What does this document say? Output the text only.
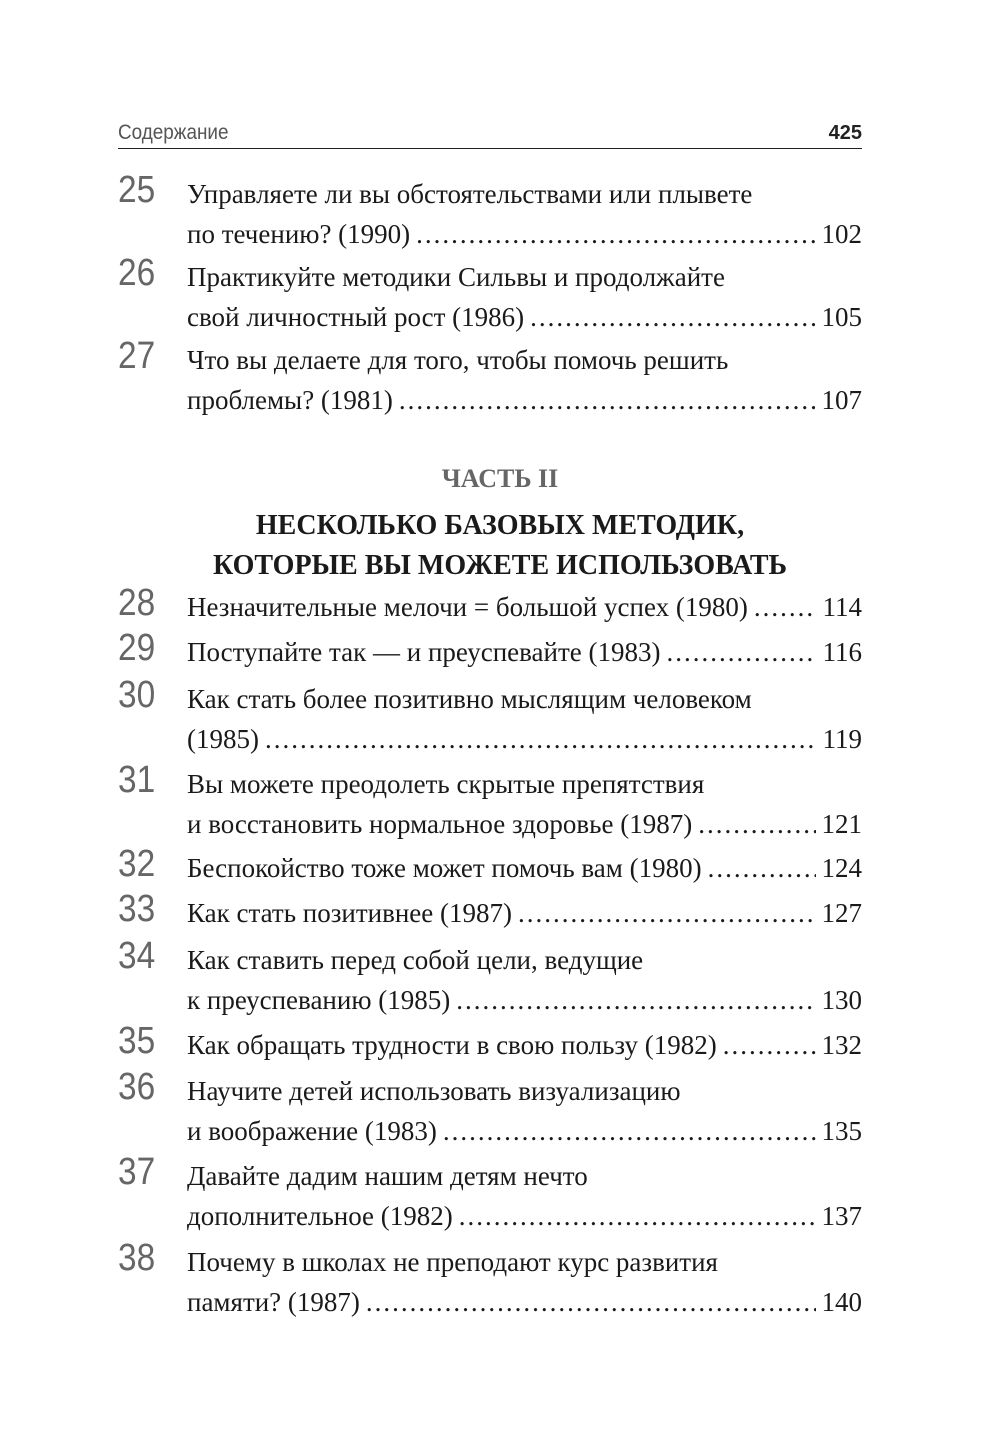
Содержание	425
ЧАСТЬ II
НЕСКОЛЬКО БАЗОВЫХ МЕТОДИК,
КОТОРЫЕ ВЫ МОЖЕТЕ ИСПОЛЬЗОВАТЬ
25 Управляете ли вы обстоятельствами или плывете
по течению? (1990) .....	102
26 Практикуйте методики Сильвы и продолжайте
свой личностный рост (1986) .....	105
27 Что вы делаете для того, чтобы помочь решить
проблемы? (1981) .....	107
28 Незначительные мелочи = большой успех (1980) .....	114
29 Поступайте так — и преуспевайте (1983) .....	116
30 Как стать более позитивно мыслящим человеком
(1985) .....	119
31 Вы можете преодолеть скрытые препятствия
и восстановить нормальное здоровье (1987) .....	121
32 Беспокойство тоже может помочь вам (1980) .....	124
33 Как стать позитивнее (1987) .....	127
34 Как ставить перед собой цели, ведущие
к преуспеванию (1985) .....	130
35 Как обращать трудности в свою пользу (1982) .....	132
36 Научите детей использовать визуализацию
и воображение (1983) .....	135
37 Давайте дадим нашим детям нечто
дополнительное (1982) .....	137
38 Почему в школах не преподают курс развития
памяти? (1987) .....	140
